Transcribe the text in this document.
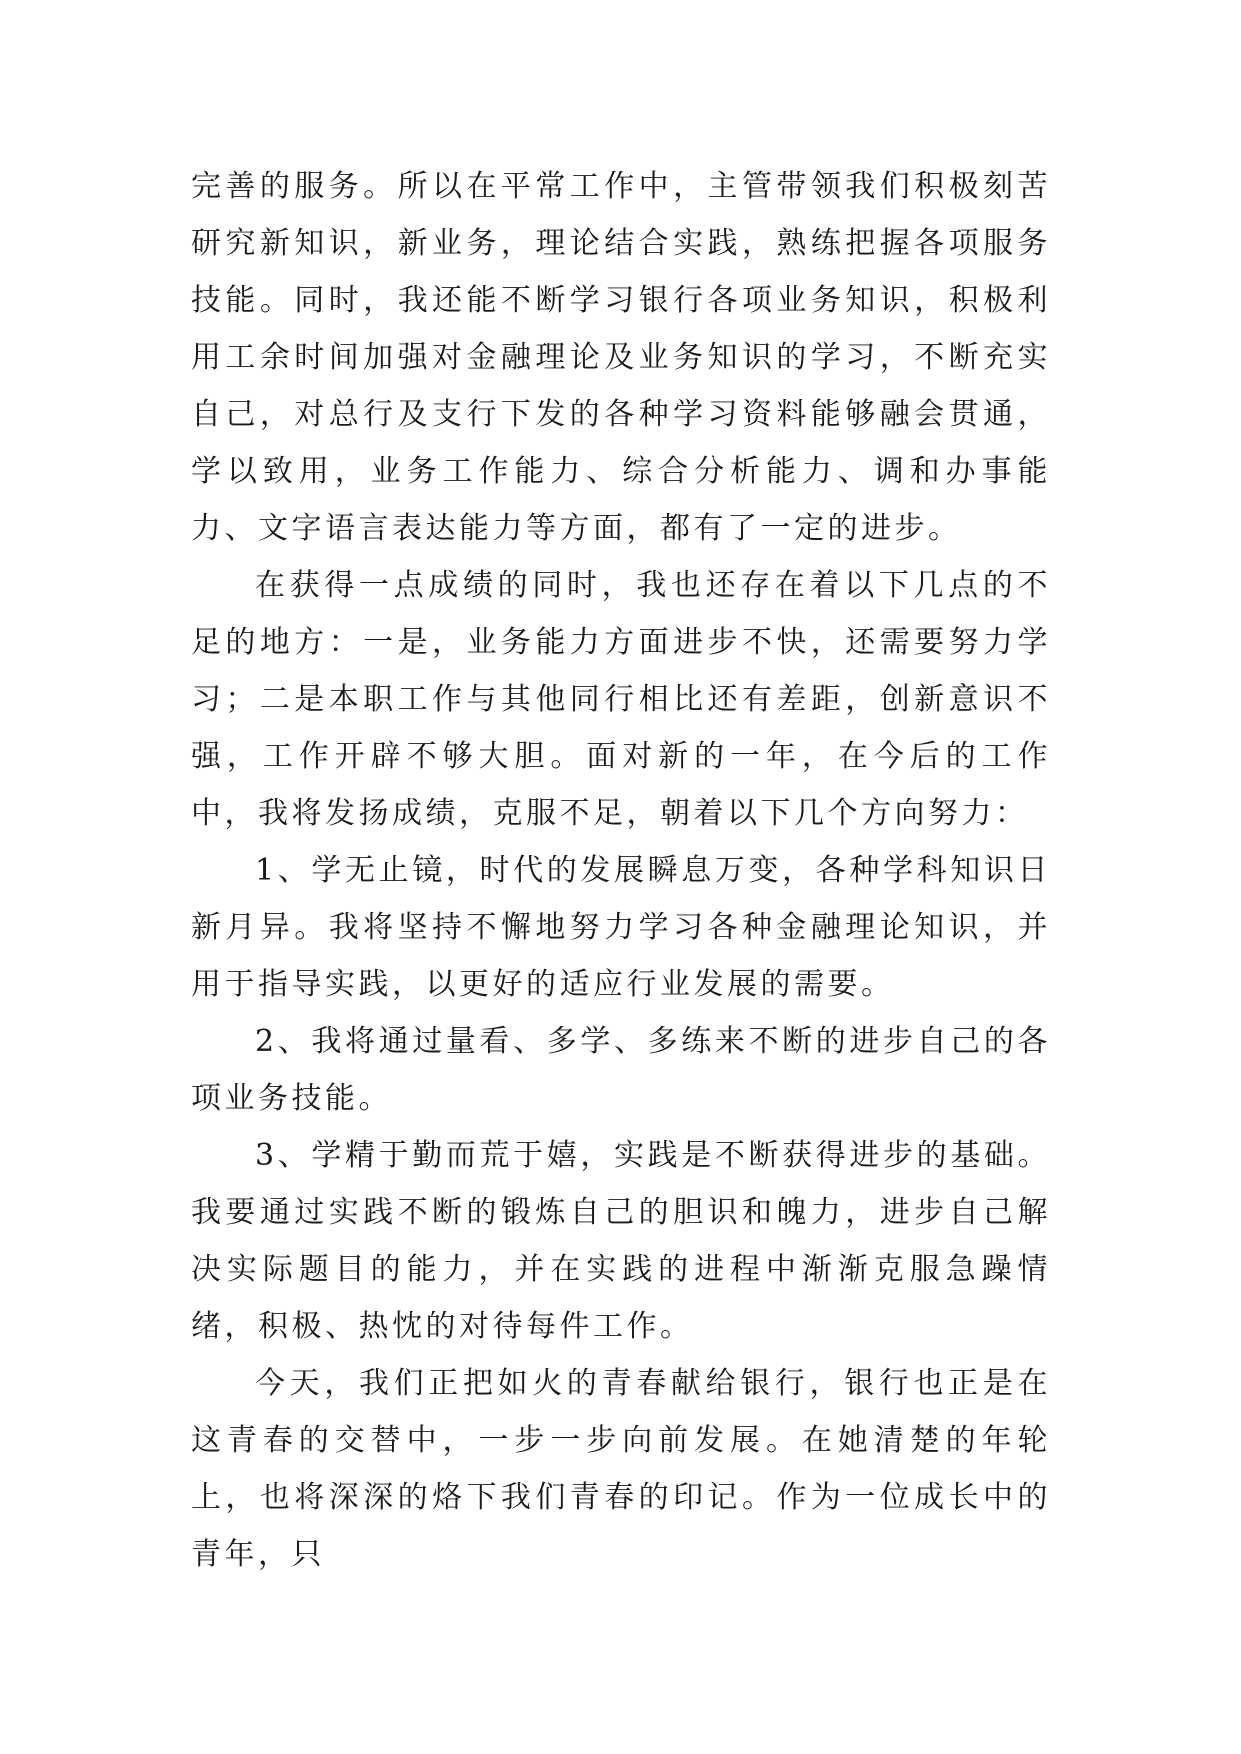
完善的服务。所以在平常工作中，主管带领我们积极刻苦研究新知识，新业务，理论结合实践，熟练把握各项服务技能。同时，我还能不断学习银行各项业务知识，积极利用工余时间加强对金融理论及业务知识的学习，不断充实自己，对总行及支行下发的各种学习资料能够融会贯通，学以致用，业务工作能力、综合分析能力、调和办事能力、文字语言表达能力等方面，都有了一定的进步。

在获得一点成绩的同时，我也还存在着以下几点的不足的地方：一是，业务能力方面进步不快，还需要努力学习；二是本职工作与其他同行相比还有差距，创新意识不强，工作开辟不够大胆。面对新的一年，在今后的工作中，我将发扬成绩，克服不足，朝着以下几个方向努力：

1、学无止镜，时代的发展瞬息万变，各种学科知识日新月异。我将坚持不懈地努力学习各种金融理论知识，并用于指导实践，以更好的适应行业发展的需要。

2、我将通过量看、多学、多练来不断的进步自己的各项业务技能。

3、学精于勤而荒于嬉，实践是不断获得进步的基础。我要通过实践不断的锻炼自己的胆识和魄力，进步自己解决实际题目的能力，并在实践的进程中渐渐克服急躁情绪，积极、热忱的对待每件工作。

今天，我们正把如火的青春献给银行，银行也正是在这青春的交替中，一步一步向前发展。在她清楚的年轮上，也将深深的烙下我们青春的印记。作为一位成长中的青年，只
